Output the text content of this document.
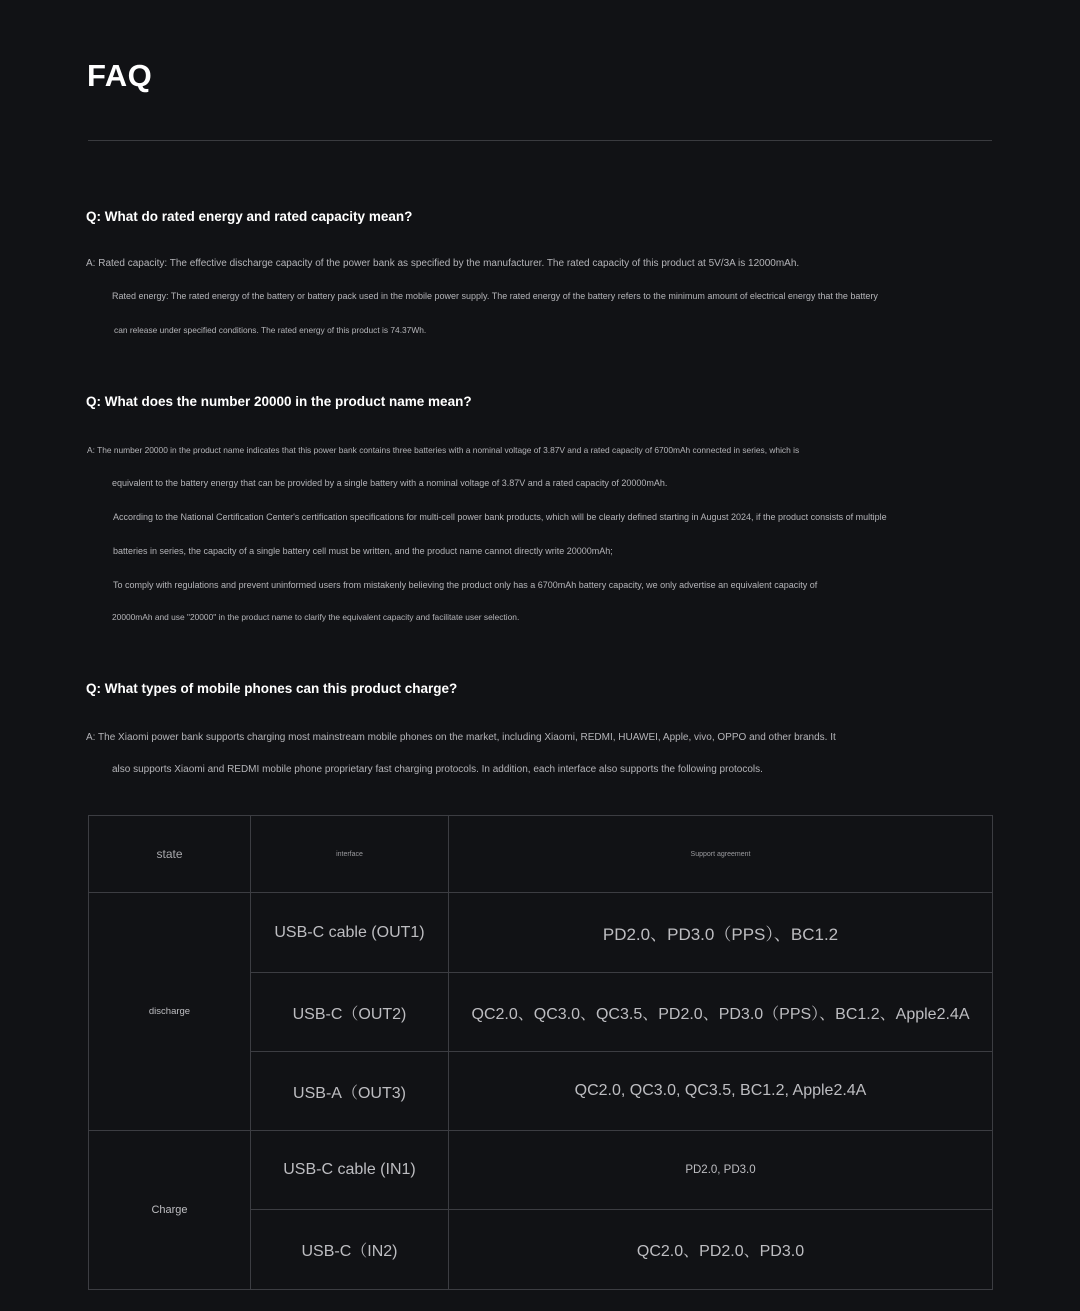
FAQ
Q: What do rated energy and rated capacity mean?
A: Rated capacity: The effective discharge capacity of the power bank as specified by the manufacturer. The rated capacity of this product at 5V/3A is 12000mAh.
Rated energy: The rated energy of the battery or battery pack used in the mobile power supply. The rated energy of the battery refers to the minimum amount of electrical energy that the battery
can release under specified conditions. The rated energy of this product is 74.37Wh.
Q: What does the number 20000 in the product name mean?
A: The number 20000 in the product name indicates that this power bank contains three batteries with a nominal voltage of 3.87V and a rated capacity of 6700mAh connected in series, which is
equivalent to the battery energy that can be provided by a single battery with a nominal voltage of 3.87V and a rated capacity of 20000mAh.
According to the National Certification Center's certification specifications for multi-cell power bank products, which will be clearly defined starting in August 2024, if the product consists of multiple
batteries in series, the capacity of a single battery cell must be written, and the product name cannot directly write 20000mAh;
To comply with regulations and prevent uninformed users from mistakenly believing the product only has a 6700mAh battery capacity, we only advertise an equivalent capacity of
20000mAh and use "20000" in the product name to clarify the equivalent capacity and facilitate user selection.
Q: What types of mobile phones can this product charge?
A: The Xiaomi power bank supports charging most mainstream mobile phones on the market, including Xiaomi, REDMI, HUAWEI, Apple, vivo, OPPO and other brands. It
also supports Xiaomi and REDMI mobile phone proprietary fast charging protocols. In addition, each interface also supports the following protocols.
state	interface	Support agreement
discharge	USB-C cable (OUT1)	PD2.0、PD3.0（PPS）、BC1.2
	USB-C（OUT2)	QC2.0、QC3.0、QC3.5、PD2.0、PD3.0（PPS）、BC1.2、Apple2.4A
	USB-A（OUT3)	QC2.0, QC3.0, QC3.5, BC1.2, Apple2.4A
Charge	USB-C cable (IN1)	PD2.0, PD3.0
	USB-C（IN2)	QC2.0、PD2.0、PD3.0
